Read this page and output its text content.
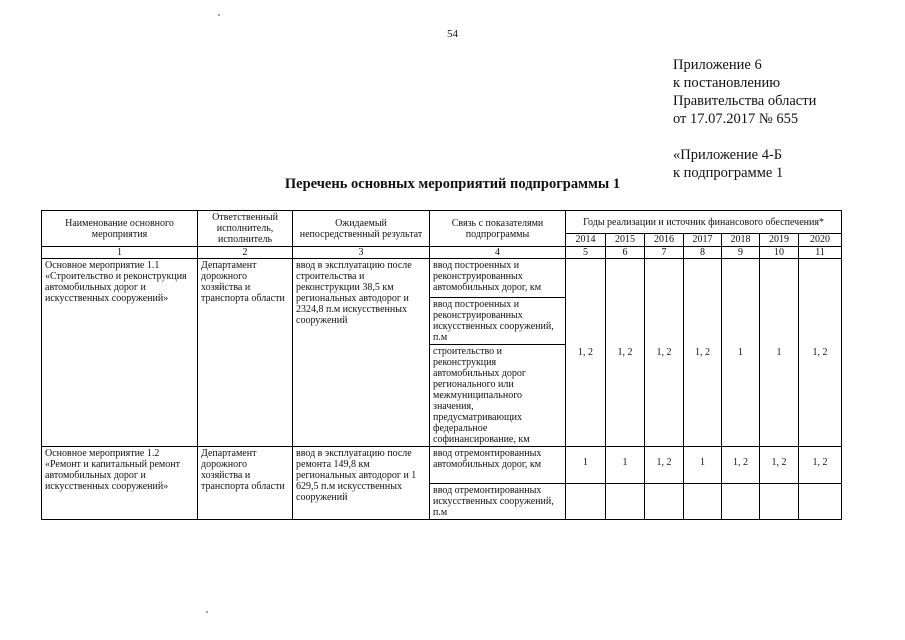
54
Приложение 6
к постановлению
Правительства области
от 17.07.2017 № 655
«Приложение 4-Б
к подпрограмме 1
Перечень основных мероприятий подпрограммы 1
Наименование основного мероприятия	Ответственный исполнитель, исполнитель	Ожидаемый непосредственный результат	Связь с показателями подпрограммы	Годы реализации и источник финансового обеспечения*						
				2014	2015	2016	2017	2018	2019	2020
1	2	3	4	5	6	7	8	9	10	11
Основное мероприятие 1.1 «Строительство и реконструкция автомобильных дорог и искусственных сооружений»	Департамент дорожного хозяйства и транспорта области	ввод в эксплуатацию после строительства и реконструкции 38,5 км региональных автодорог и 2324,8 п.м искусственных сооружений	ввод построенных и реконструированных автомобильных дорог, км	1, 2	1, 2	1, 2	1, 2	1	1	1, 2
			ввод построенных и реконструированных искусственных сооружений, п.м							
			строительство и реконструкция автомобильных дорог регионального или межмуниципального значения, предусматривающих федеральное софинансирование, км							
Основное мероприятие 1.2 «Ремонт и капитальный ремонт автомобильных дорог и искусственных сооружений»	Департамент дорожного хозяйства и транспорта области	ввод в эксплуатацию после ремонта 149,8 км региональных автодорог и 1 629,5 п.м искусственных сооружений	ввод отремонтированных автомобильных дорог, км	1	1	1, 2	1	1, 2	1, 2	1, 2
			ввод отремонтированных искусственных сооружений, п.м							
